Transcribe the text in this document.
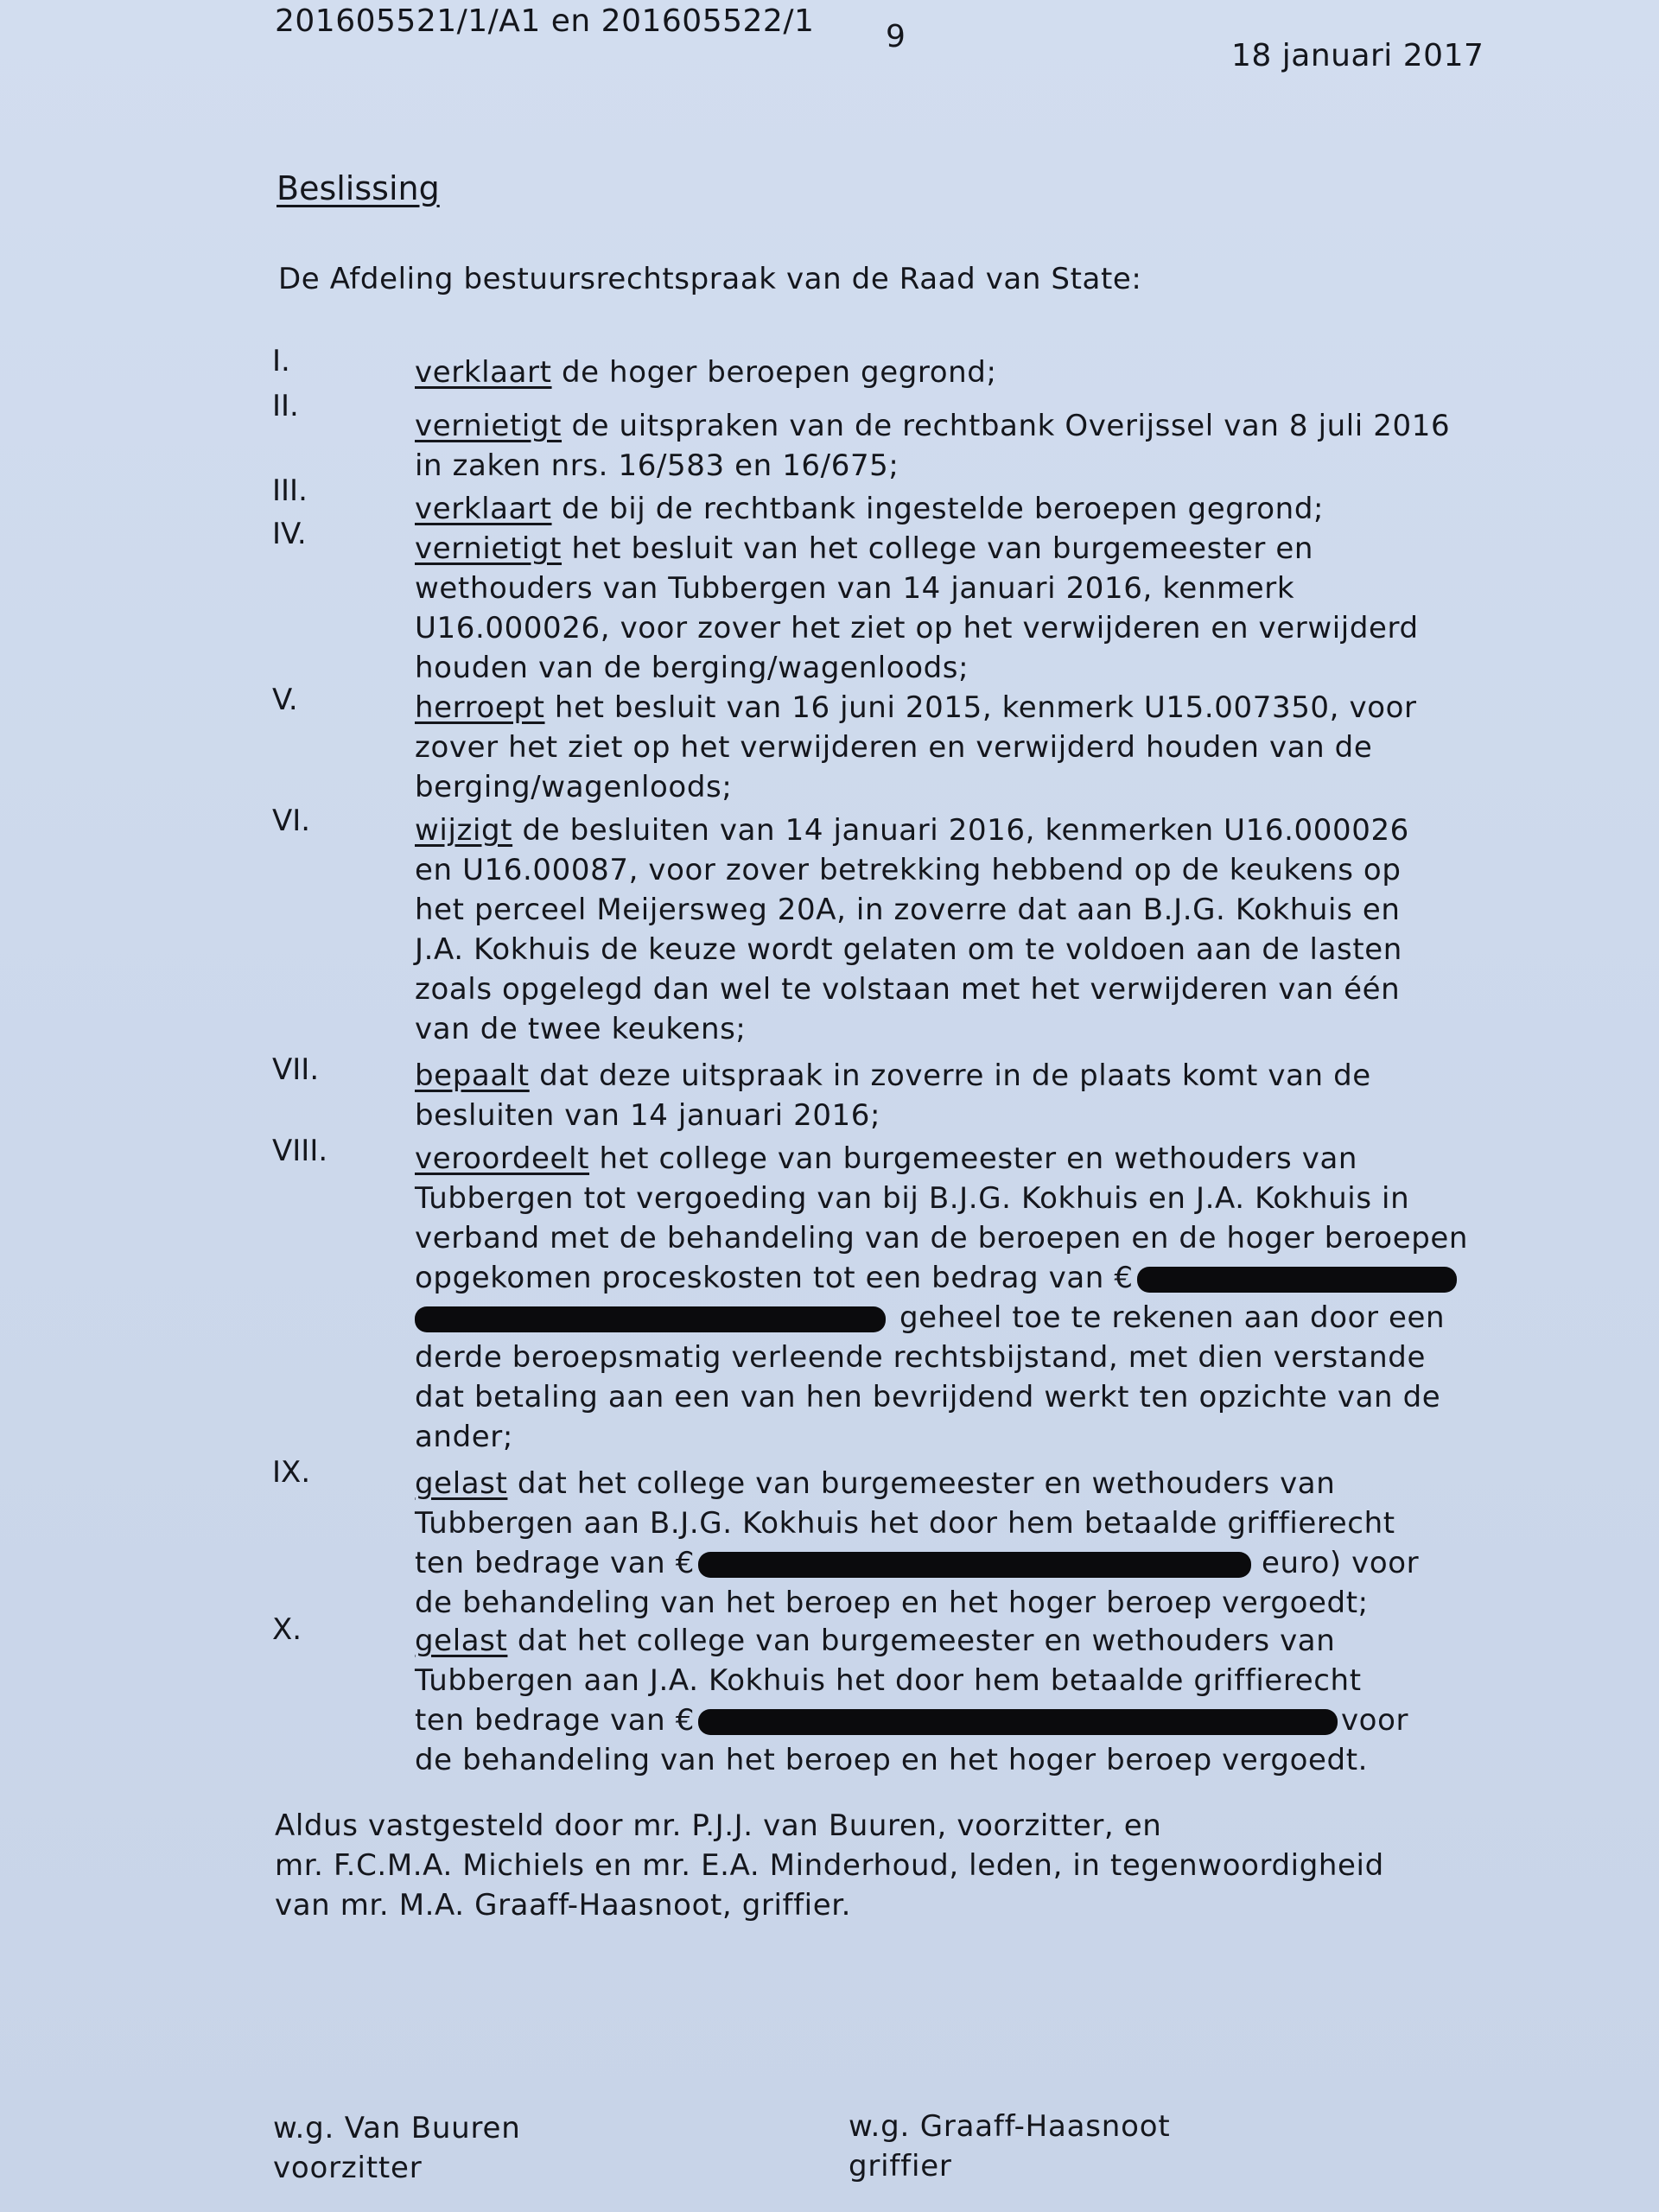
201605521/1/A1 en 201605522/1 9
18 januari 2017
Beslissing
De Afdeling bestuursrechtspraak van de Raad van State:
I.	verklaart de hoger beroepen gegrond;
II.
vernietigt de uitspraken van de rechtbank Overijssel van 8 juli 2016
in zaken nrs. 16/583 en 16/675;
III.
verklaart de bij de rechtbank ingestelde beroepen gegrond;
IV.	vernietigt het besluit van het college van burgemeester en
wethouders van Tubbergen van 14 januari 2016, kenmerk
U16.000026, voor zover het ziet op het verwijderen en verwijderd
houden van de berging/wagenloods;
V.	herroept het besluit van 16 juni 2015, kenmerk U15.007350, voor
zover het ziet op het verwijderen en verwijderd houden van de
berging/wagenloods;
VI.	wijzigt de besluiten van 14 januari 2016, kenmerken U16.000026
en U16.00087, voor zover betrekking hebbend op de keukens op
het perceel Meijersweg 20A, in zoverre dat aan B.J.G. Kokhuis en
J.A. Kokhuis de keuze wordt gelaten om te voldoen aan de lasten
zoals opgelegd dan wel te volstaan met het verwijderen van één
van de twee keukens;
VII.	bepaalt dat deze uitspraak in zoverre in de plaats komt van de
besluiten van 14 januari 2016;
VIII.	veroordeelt het college van burgemeester en wethouders van
Tubbergen tot vergoeding van bij B.J.G. Kokhuis en J.A. Kokhuis in
verband met de behandeling van de beroepen en de hoger beroepen
opgekomen proceskosten tot een bedrag van €
geheel toe te rekenen aan door een
derde beroepsmatig verleende rechtsbijstand, met dien verstande
dat betaling aan een van hen bevrijdend werkt ten opzichte van de
ander;
IX.	gelast dat het college van burgemeester en wethouders van
Tubbergen aan B.J.G. Kokhuis het door hem betaalde griffierecht
ten bedrage van €	euro) voor
de behandeling van het beroep en het hoger beroep vergoedt;
X.	gelast dat het college van burgemeester en wethouders van
Tubbergen aan J.A. Kokhuis het door hem betaalde griffierecht
ten bedrage van €	voor
de behandeling van het beroep en het hoger beroep vergoedt.
Aldus vastgesteld door mr. P.J.J. van Buuren, voorzitter, en
mr. F.C.M.A. Michiels en mr. E.A. Minderhoud, leden, in tegenwoordigheid
van mr. M.A. Graaff-Haasnoot, griffier.
w.g. Van Buuren
voorzitter
w.g. Graaff-Haasnoot
griffier
